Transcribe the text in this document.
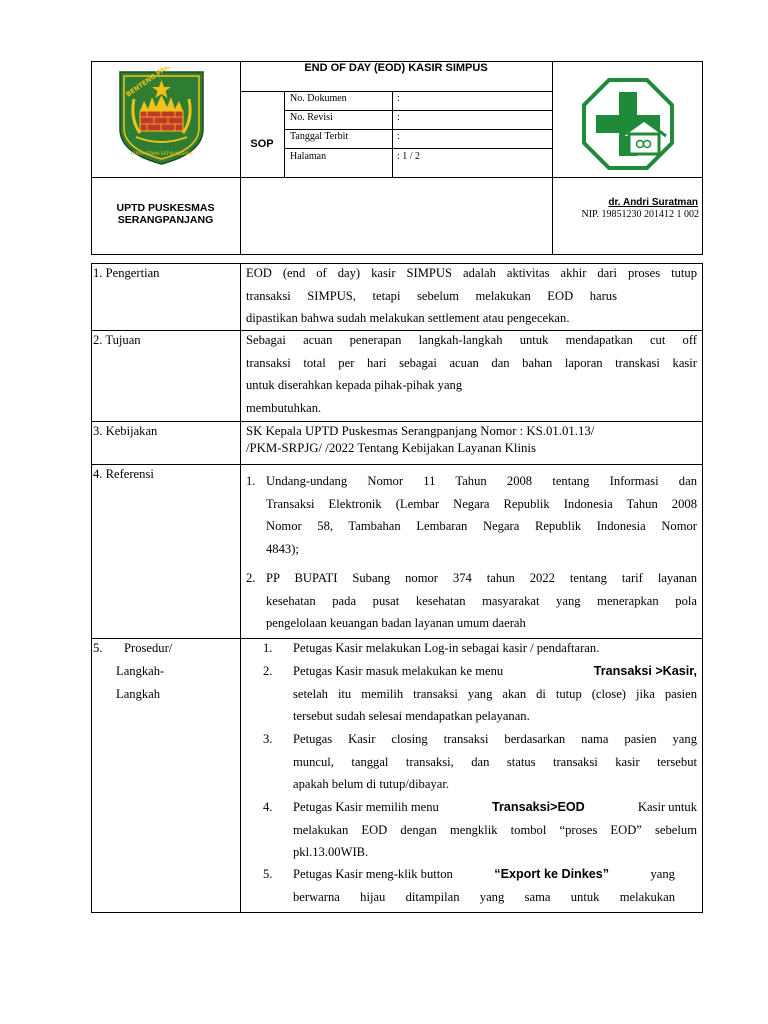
KARYA UTAMA SATYA NEGARA
END OF DAY (EOD) KASIR SIMPUS
SOP
No. Dokumen	:
No. Revisi	:
Tanggal Terbit	:
Halaman	: 1 / 2
UPTD PUSKESMAS
SERANGPANJANG
dr. Andri Suratman
NIP. 19851230 201412 1 002
1. Pengertian	EOD (end of day) kasir SIMPUS adalah aktivitas akhir dari proses tutup
transaksi SIMPUS, tetapi sebelum melakukan EOD harus
dipastikan bahwa sudah melakukan settlement atau pengecekan.
2. Tujuan	Sebagai acuan penerapan langkah-langkah untuk mendapatkan cut off
transaksi total per hari sebagai acuan dan bahan laporan transkasi kasir
untuk diserahkan kepada pihak-pihak yang
membutuhkan.
3. Kebijakan	SK Kepala UPTD Puskesmas Serangpanjang Nomor : KS.01.01.13/
/PKM-SRPJG/ /2022 Tentang Kebijakan Layanan Klinis
4. Referensi	1. Undang-undang Nomor 11 Tahun 2008 tentang Informasi dan
Transaksi Elektronik (Lembar Negara Republik Indonesia Tahun 2008
Nomor 58, Tambahan Lembaran Negara Republik Indonesia Nomor
4843);
2. PP BUPATI Subang nomor 374 tahun 2022 tentang tarif layanan
kesehatan pada pusat kesehatan masyarakat yang menerapkan pola
pengelolaan keuangan badan layanan umum daerah
5. Prosedur/
Langkah-
Langkah
1. Petugas Kasir melakukan Log-in sebagai kasir / pendaftaran.
2. Petugas Kasir masuk melakukan ke menu	Transaksi >Kasir,
setelah itu memilih transaksi yang akan di tutup (close) jika pasien
tersebut sudah selesai mendapatkan pelayanan.
3. Petugas Kasir closing transaksi berdasarkan nama pasien yang
muncul, tanggal transaksi, dan status transaksi kasir tersebut
apakah belum di tutup/dibayar.
4. Petugas Kasir memilih menu	Transaksi>EOD	Kasir untuk
melakukan EOD dengan mengklik tombol “proses EOD” sebelum
pkl.13.00WIB.
5. Petugas Kasir meng-klik button	“Export ke Dinkes”	yang
berwarna hijau ditampilan yang sama untuk melakukan
